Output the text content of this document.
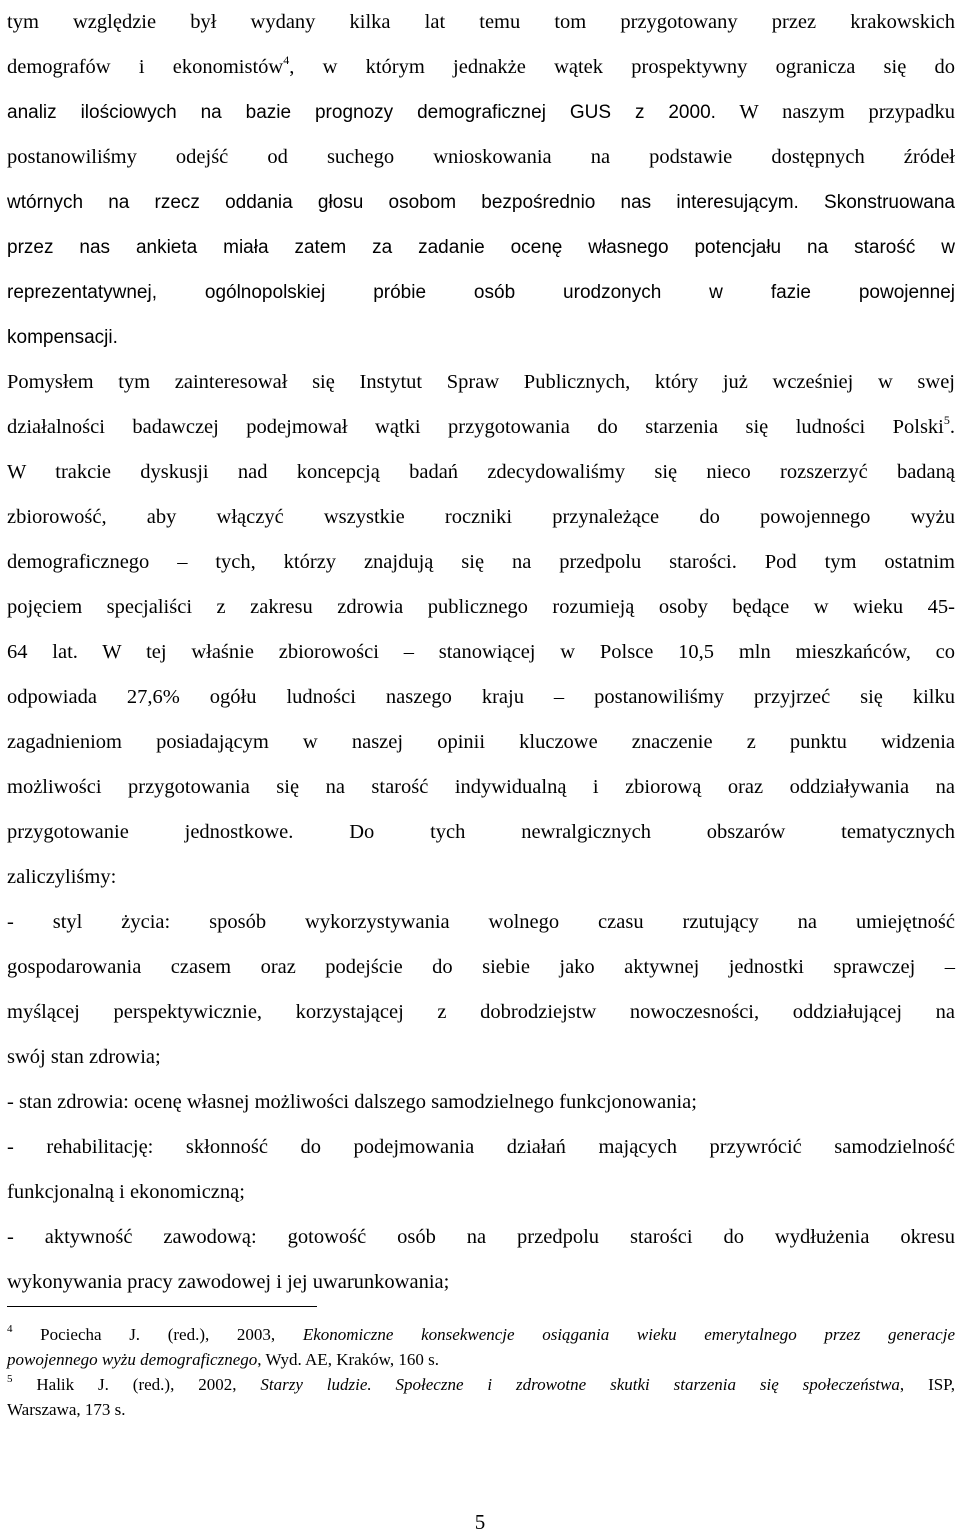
tym względzie był wydany kilka lat temu tom przygotowany przez krakowskich
demografów i ekonomistów$^4$, w którym jednakże wątek prospektywny ogranicza się do
analiz ilościowych na bazie prognozy demograficznej GUS z 2000. W naszym przypadku
postanowiliśmy odejść od suchego wnioskowania na podstawie dostępnych źródeł
wtórnych na rzecz oddania głosu osobom bezpośrednio nas interesującym. Skonstruowana
przez nas ankieta miała zatem za zadanie ocenę własnego potencjału na starość w
reprezentatywnej, ogólnopolskiej próbie osób urodzonych w fazie powojennej
kompensacji.
Pomysłem tym zainteresował się Instytut Spraw Publicznych, który już wcześniej w swej
działalności badawczej podejmował wątki przygotowania do starzenia się ludności Polski$^5$.
W trakcie dyskusji nad koncepcją badań zdecydowaliśmy się nieco rozszerzyć badaną
zbiorowość, aby włączyć wszystkie roczniki przynależące do powojennego wyżu
demograficznego – tych, którzy znajdują się na przedpolu starości. Pod tym ostatnim
pojęciem specjaliści z zakresu zdrowia publicznego rozumieją osoby będące w wieku 45-
64 lat. W tej właśnie zbiorowości – stanowiącej w Polsce 10,5 mln mieszkańców, co
odpowiada 27,6% ogółu ludności naszego kraju – postanowiliśmy przyjrzeć się kilku
zagadnieniom posiadającym w naszej opinii kluczowe znaczenie z punktu widzenia
możliwości przygotowania się na starość indywidualną i zbiorową oraz oddziaływania na
przygotowanie jednostkowe. Do tych newralgicznych obszarów tematycznych
zaliczyliśmy:
- styl życia: sposób wykorzystywania wolnego czasu rzutujący na umiejętność
gospodarowania czasem oraz podejście do siebie jako aktywnej jednostki sprawczej –
myślącej perspektywicznie, korzystającej z dobrodziejstw nowoczesności, oddziałującej na
swój stan zdrowia;
- stan zdrowia: ocenę własnej możliwości dalszego samodzielnego funkcjonowania;
- rehabilitację: skłonność do podejmowania działań mających przywrócić samodzielność
funkcjonalną i ekonomiczną;
- aktywność zawodową: gotowość osób na przedpolu starości do wydłużenia okresu
wykonywania pracy zawodowej i jej uwarunkowania;
$^4$ Pociecha J. (red.), 2003, Ekonomiczne konsekwencje osiągania wieku emerytalnego przez generacje
powojennego wyżu demograficznego, Wyd. AE, Kraków, 160 s.
$^5$ Halik J. (red.), 2002, Starzy ludzie. Społeczne i zdrowotne skutki starzenia się społeczeństwa, ISP,
Warszawa, 173 s.
5
